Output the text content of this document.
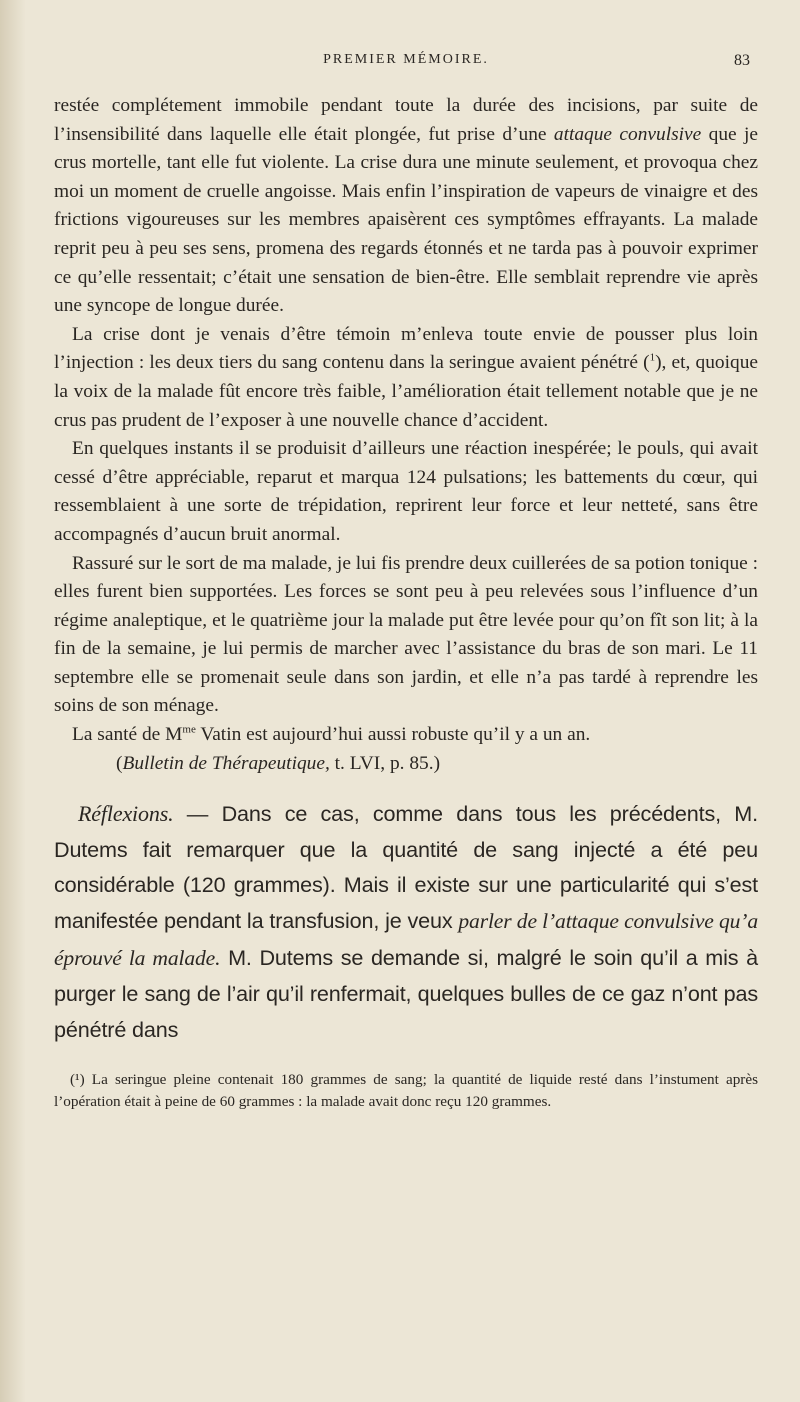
PREMIER MÉMOIRE.	83

restée complétement immobile pendant toute la durée des incisions, par suite de l’insensibilité dans laquelle elle était plongée, fut prise d’une attaque convulsive que je crus mortelle, tant elle fut violente. La crise dura une minute seulement, et provoqua chez moi un moment de cruelle angoisse. Mais enfin l’inspiration de vapeurs de vinaigre et des frictions vigoureuses sur les membres apaisèrent ces symptômes effrayants. La malade reprit peu à peu ses sens, promena des regards étonnés et ne tarda pas à pouvoir exprimer ce qu’elle ressentait; c’était une sensation de bien-être. Elle semblait reprendre vie après une syncope de longue durée.

La crise dont je venais d’être témoin m’enleva toute envie de pousser plus loin l’injection : les deux tiers du sang contenu dans la seringue avaient pénétré ($^1$), et, quoique la voix de la malade fût encore très faible, l’amélioration était tellement notable que je ne crus pas prudent de l’exposer à une nouvelle chance d’accident.

En quelques instants il se produisit d’ailleurs une réaction inespérée; le pouls, qui avait cessé d’être appréciable, reparut et marqua 124 pulsations; les battements du cœur, qui ressemblaient à une sorte de trépidation, reprirent leur force et leur netteté, sans être accompagnés d’aucun bruit anormal.

Rassuré sur le sort de ma malade, je lui fis prendre deux cuillerées de sa potion tonique : elles furent bien supportées. Les forces se sont peu à peu relevées sous l’influence d’un régime analeptique, et le quatrième jour la malade put être levée pour qu’on fît son lit; à la fin de la semaine, je lui permis de marcher avec l’assistance du bras de son mari. Le 11 septembre elle se promenait seule dans son jardin, et elle n’a pas tardé à reprendre les soins de son ménage.

La santé de $M^{me}$ Vatin est aujourd’hui aussi robuste qu’il y a un an.

(Bulletin de Thérapeutique, t. LVI, p. 85.)

Réflexions. — Dans ce cas, comme dans tous les précédents, M. Dutems fait remarquer que la quantité de sang injecté a été peu considérable (120 grammes). Mais il existe sur une particularité qui s’est manifestée pendant la transfusion, je veux parler de l’attaque convulsive qu’a éprouvé la malade. M. Dutems se demande si, malgré le soin qu’il a mis à purger le sang de l’air qu’il renfermait, quelques bulles de ce gaz n’ont pas pénétré dans

(¹) La seringue pleine contenait 180 grammes de sang; la quantité de liquide resté dans l’instument après l’opération était à peine de 60 grammes : la malade avait donc reçu 120 grammes.
